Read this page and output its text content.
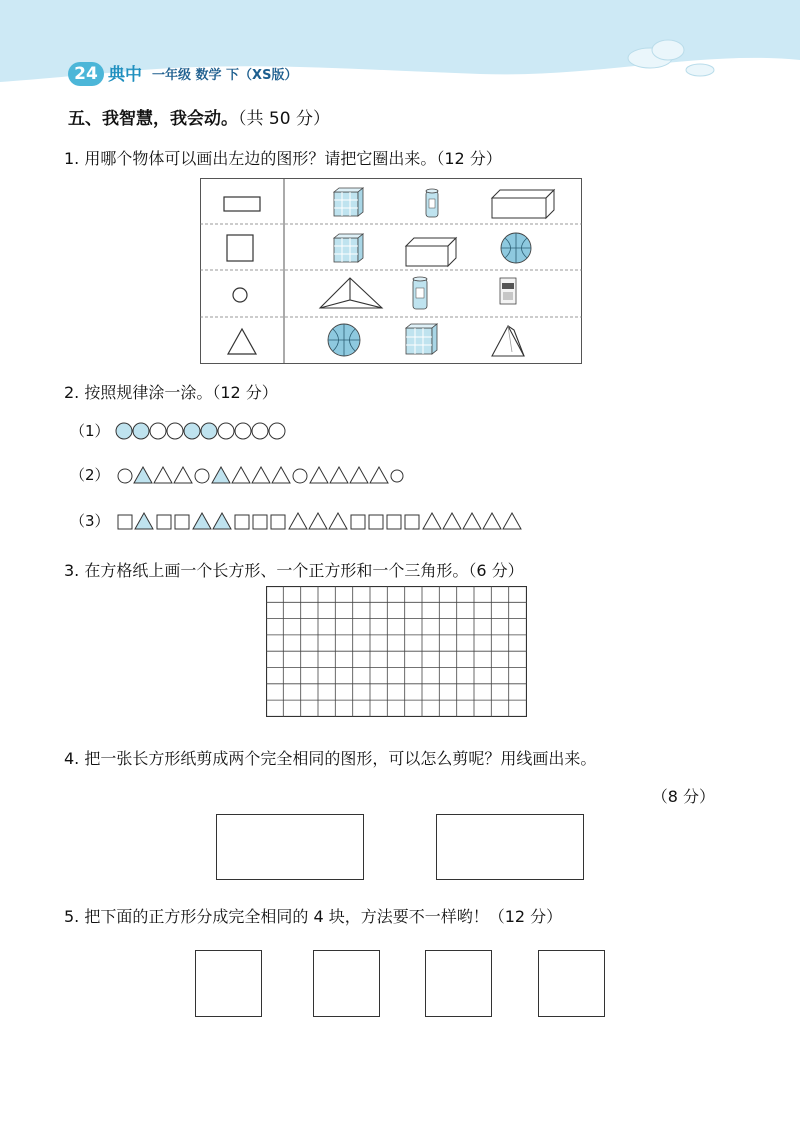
24 典中 一年级 数学 下（XS版）
五、我智慧，我会动。（共 50 分）
1. 用哪个物体可以画出左边的图形？请把它圈出来。（12 分）
2. 按照规律涂一涂。（12 分）
（1）
（2）
（3）
3. 在方格纸上画一个长方形、一个正方形和一个三角形。（6 分）
4. 把一张长方形纸剪成两个完全相同的图形，可以怎么剪呢？用线画出来。
（8 分）
5. 把下面的正方形分成完全相同的 4 块，方法要不一样哟！（12 分）
